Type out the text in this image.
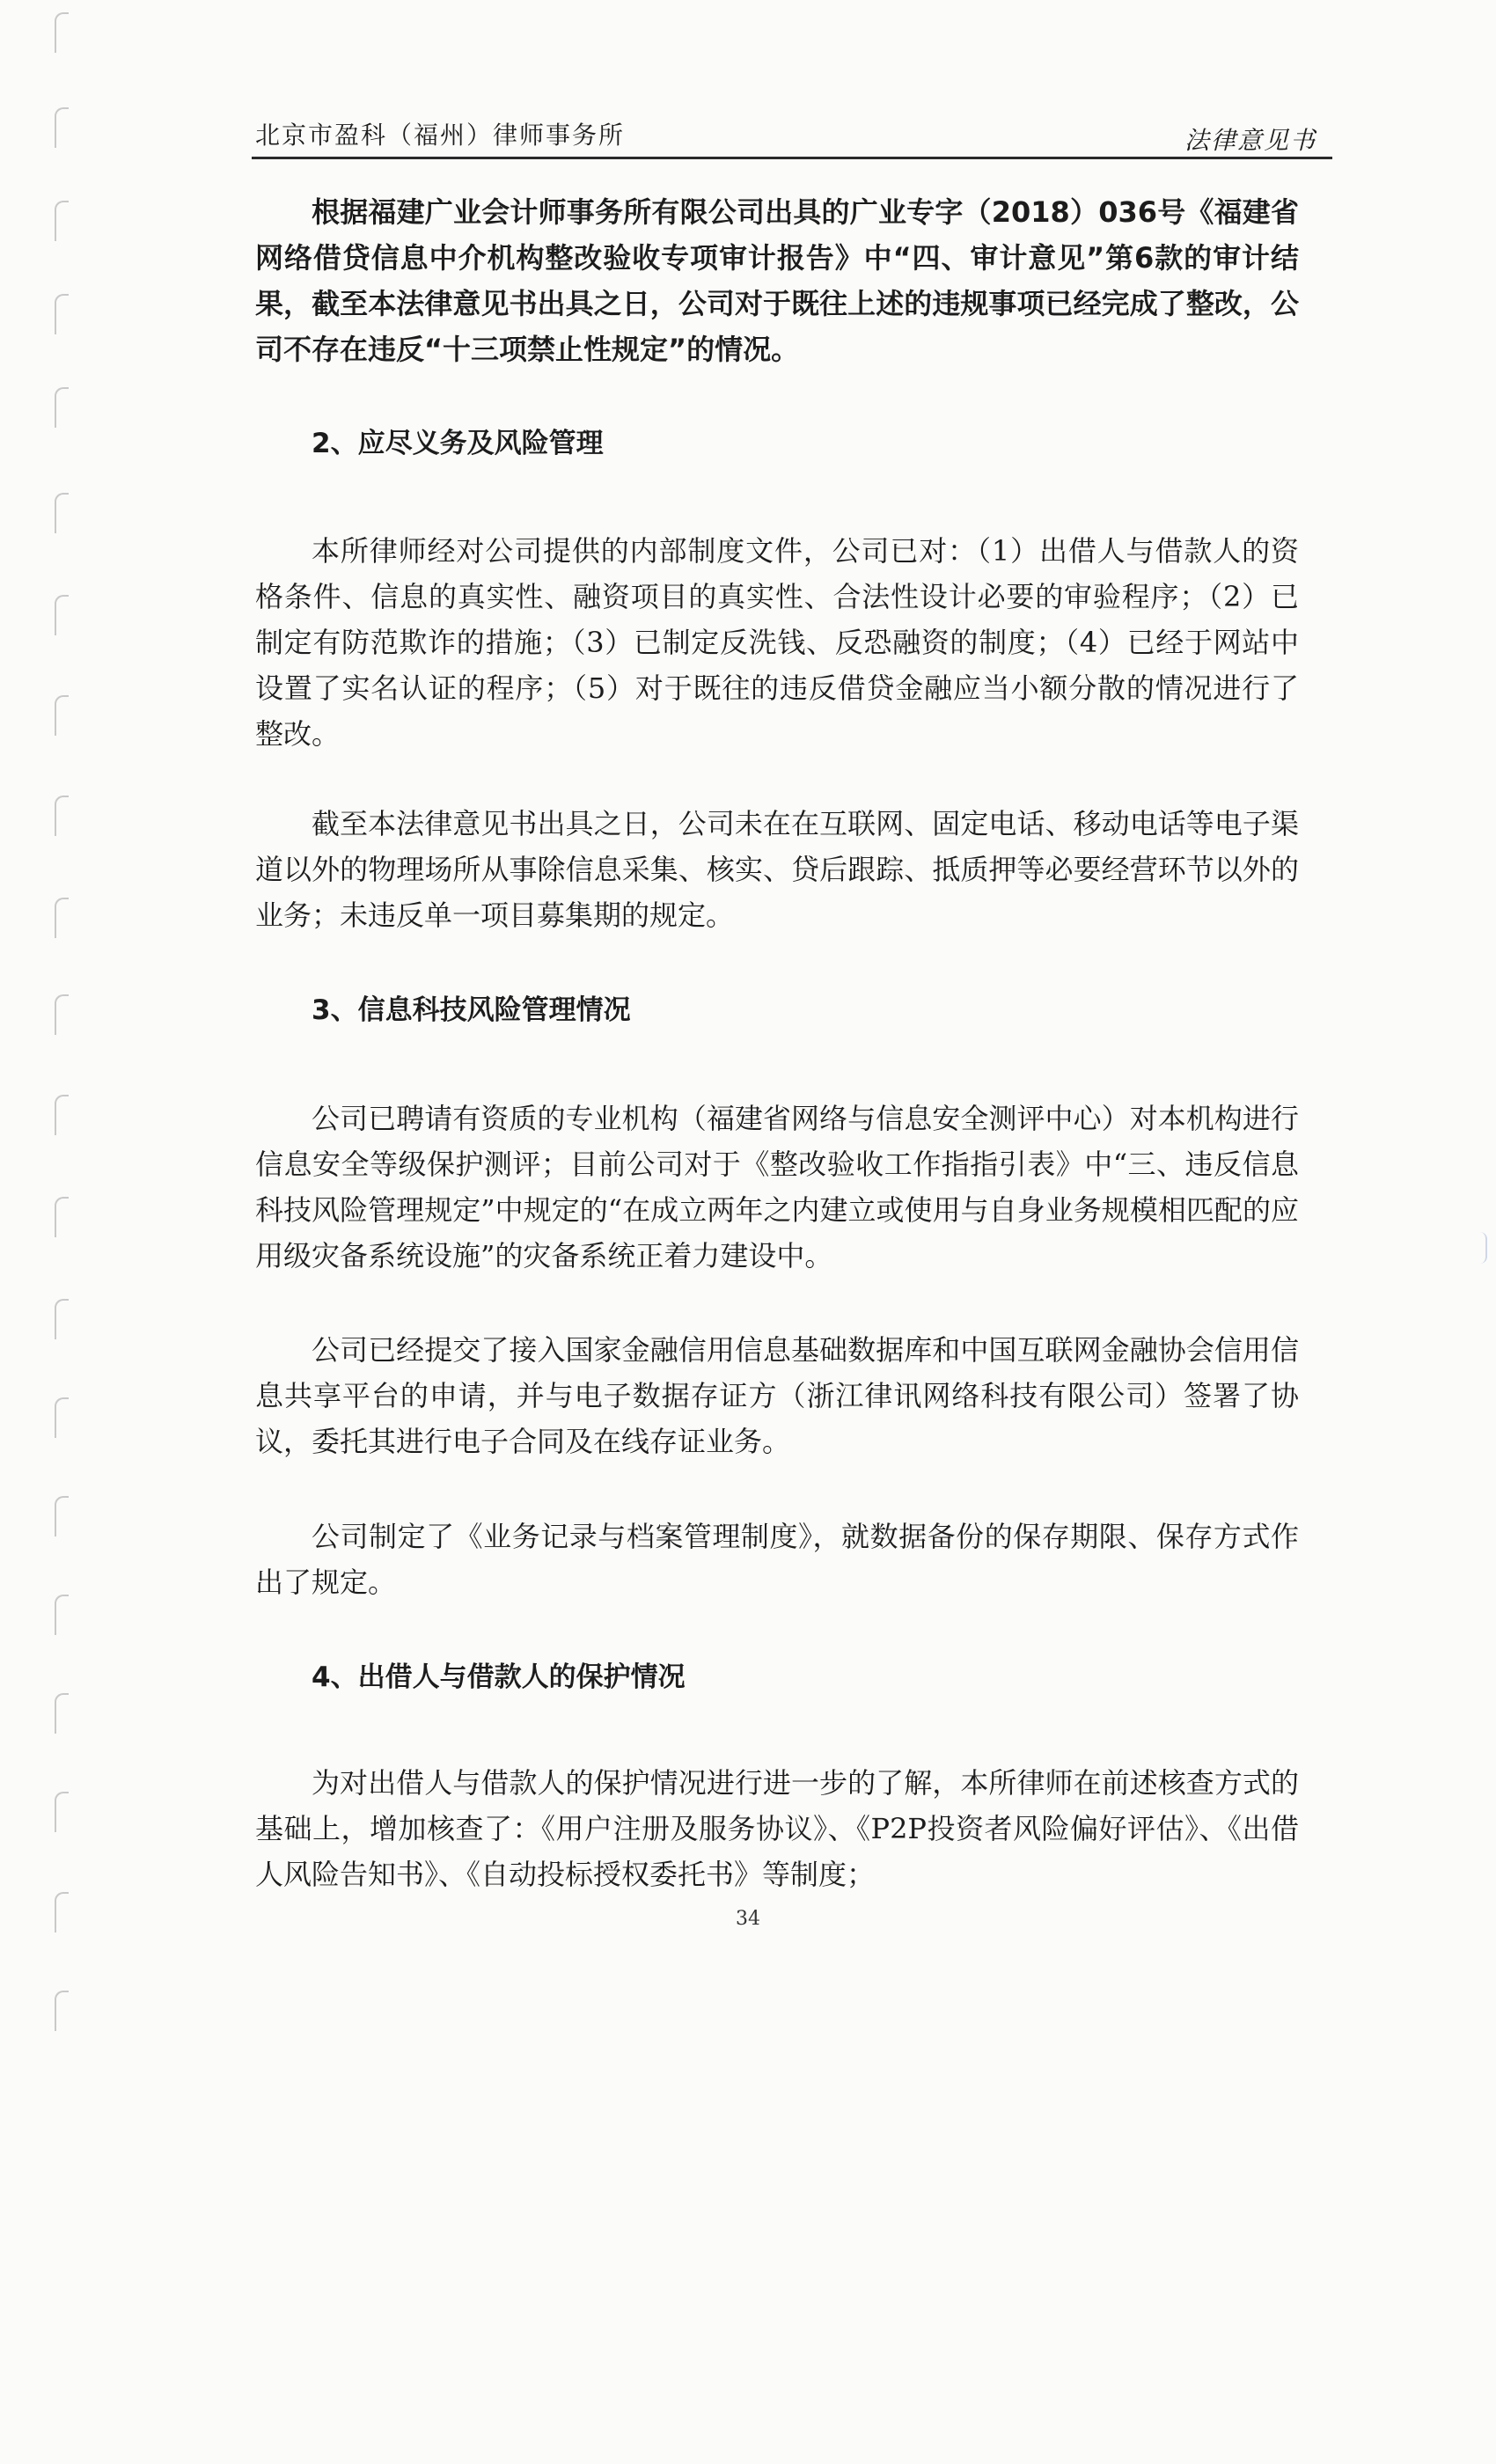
北京市盈科（福州）律师事务所	法律意见书

根据福建广业会计师事务所有限公司出具的广业专字（2018）036号《福建省网络借贷信息中介机构整改验收专项审计报告》中“四、审计意见”第6款的审计结果，截至本法律意见书出具之日，公司对于既往上述的违规事项已经完成了整改，公司不存在违反“十三项禁止性规定”的情况。

2、应尽义务及风险管理

本所律师经对公司提供的内部制度文件，公司已对：（1）出借人与借款人的资格条件、信息的真实性、融资项目的真实性、合法性设计必要的审验程序；（2）已制定有防范欺诈的措施；（3）已制定反洗钱、反恐融资的制度；（4）已经于网站中设置了实名认证的程序；（5）对于既往的违反借贷金融应当小额分散的情况进行了整改。

截至本法律意见书出具之日，公司未在在互联网、固定电话、移动电话等电子渠道以外的物理场所从事除信息采集、核实、贷后跟踪、抵质押等必要经营环节以外的业务；未违反单一项目募集期的规定。

3、信息科技风险管理情况

公司已聘请有资质的专业机构（福建省网络与信息安全测评中心）对本机构进行信息安全等级保护测评；目前公司对于《整改验收工作指指引表》中“三、违反信息科技风险管理规定”中规定的“在成立两年之内建立或使用与自身业务规模相匹配的应用级灾备系统设施”的灾备系统正着力建设中。

公司已经提交了接入国家金融信用信息基础数据库和中国互联网金融协会信用信息共享平台的申请，并与电子数据存证方（浙江律讯网络科技有限公司）签署了协议，委托其进行电子合同及在线存证业务。

公司制定了《业务记录与档案管理制度》，就数据备份的保存期限、保存方式作出了规定。

4、出借人与借款人的保护情况

为对出借人与借款人的保护情况进行进一步的了解，本所律师在前述核查方式的基础上，增加核查了：《用户注册及服务协议》、《P2P投资者风险偏好评估》、《出借人风险告知书》、《自动投标授权委托书》等制度；

34
